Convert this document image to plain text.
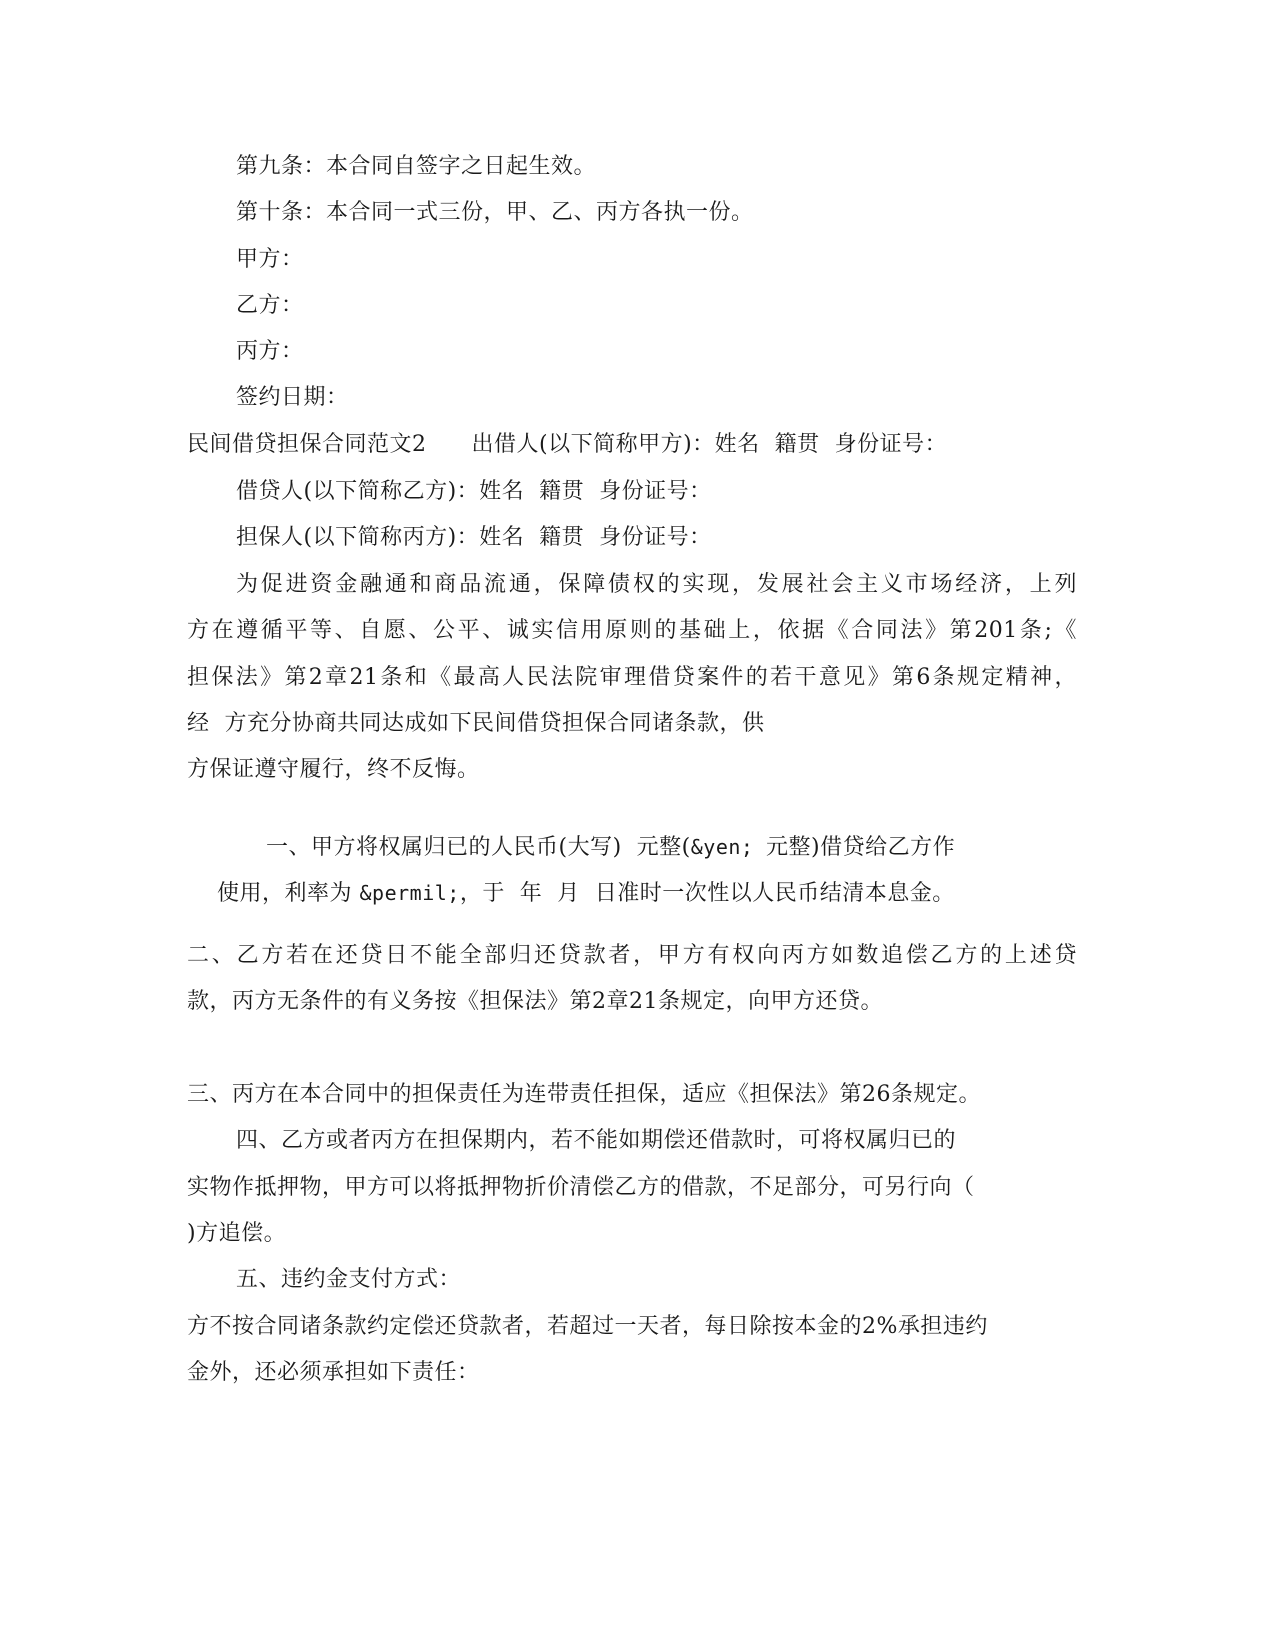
第九条：本合同自签字之日起生效。
第十条：本合同一式三份，甲、乙、丙方各执一份。
甲方：
乙方：
丙方：
签约日期：
民间借贷担保合同范文2　　出借人(以下简称甲方)：姓名  籍贯  身份证号：
借贷人(以下简称乙方)：姓名  籍贯  身份证号：
担保人(以下简称丙方)：姓名  籍贯  身份证号：
为促进资金融通和商品流通，保障债权的实现，发展社会主义市场经济，上列
方在遵循平等、自愿、公平、诚实信用原则的基础上，依据《合同法》第201条;《
担保法》第2章21条和《最高人民法院审理借贷案件的若干意见》第6条规定精神，
经  方充分协商共同达成如下民间借贷担保合同诸条款，供
方保证遵守履行，终不反悔。

一、甲方将权属归已的人民币(大写)  元整(&yen; 元整)借贷给乙方作

使用，利率为 &permil;，于  年  月  日准时一次性以人民币结清本息金。

二、乙方若在还贷日不能全部归还贷款者，甲方有权向丙方如数追偿乙方的上述贷
款，丙方无条件的有义务按《担保法》第2章21条规定，向甲方还贷。
三、丙方在本合同中的担保责任为连带责任担保，适应《担保法》第26条规定。
四、乙方或者丙方在担保期内，若不能如期偿还借款时，可将权属归已的
实物作抵押物，甲方可以将抵押物折价清偿乙方的借款，不足部分，可另行向（
)方追偿。
五、违约金支付方式：
方不按合同诸条款约定偿还贷款者，若超过一天者，每日除按本金的2%承担违约
金外，还必须承担如下责任：
